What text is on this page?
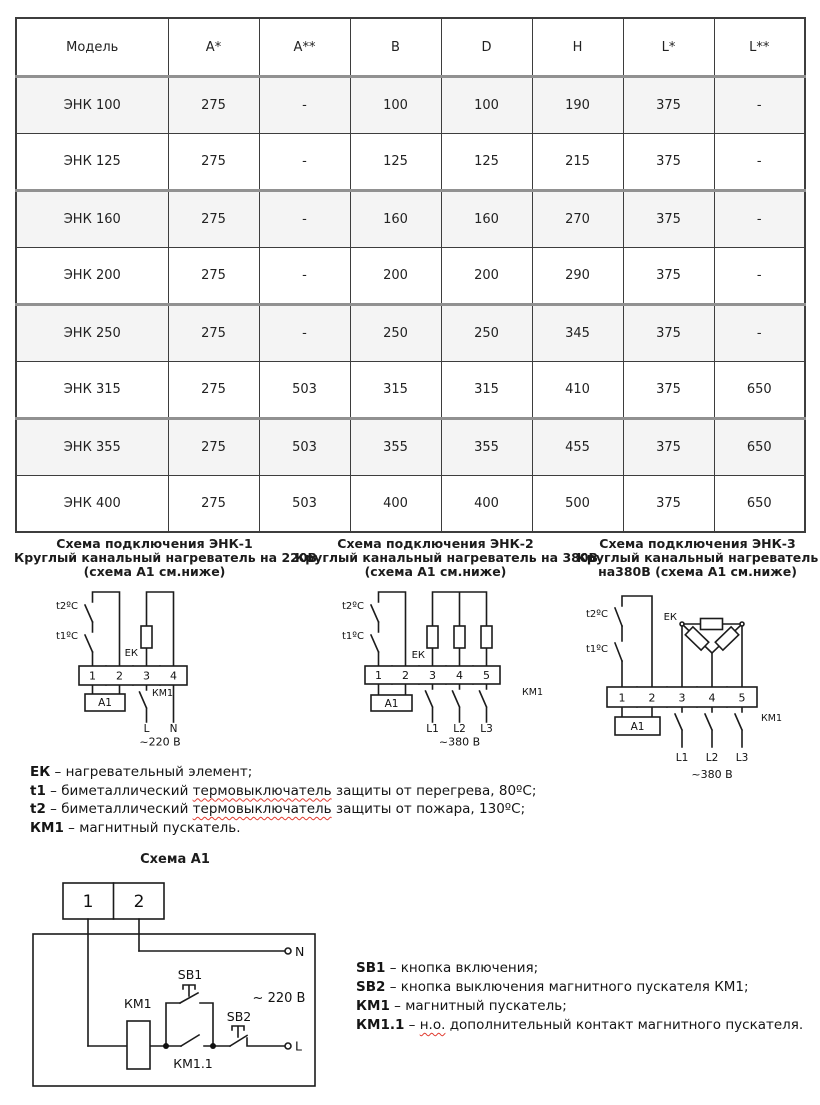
Модель	A*	A**	B	D	H	L*	L**
ЭНК 100	275	-	100	100	190	375	-
ЭНК 125	275	-	125	125	215	375	-
ЭНК 160	275	-	160	160	270	375	-
ЭНК 200	275	-	200	200	290	375	-
ЭНК 250	275	-	250	250	345	375	-
ЭНК 315	275	503	315	315	410	375	650
ЭНК 355	275	503	355	355	455	375	650
ЭНК 400	275	503	400	400	500	375	650
Схема подключения ЭНК-1
Круглый канальный нагреватель на 220В
(схема А1 см.ниже)
t2ºС
t1ºС
ЕК
1 2 3 4
А1
КМ1
L N
~220 В
Схема подключения ЭНК-2
Круглый канальный нагреватель на 380В
(схема А1 см.ниже)
t2ºС
t1ºС
ЕК
1 2 3 4 5
А1
КМ1
L1 L2 L3
~380 В
Схема подключения ЭНК-3
Круглый канальный нагреватель
на380В (схема А1 см.ниже)
t2ºС
t1ºС
ЕК
1 2 3 4 5
А1
КМ1
L1 L2 L3
~380 В
ЕК – нагревательный элемент;
t1 – биметаллический термовыключатель защиты от перегрева, 80ºС;
t2 – биметаллический термовыключатель защиты от пожара, 130ºС;
КМ1 – магнитный пускатель.
Схема А1
1 2
N
L
SB1
SB2
КМ1
КМ1.1
~ 220 В
SB1 – кнопка включения;
SB2 – кнопка выключения магнитного пускателя КМ1;
КМ1 – магнитный пускатель;
КМ1.1 – н.о. дополнительный контакт магнитного пускателя.
